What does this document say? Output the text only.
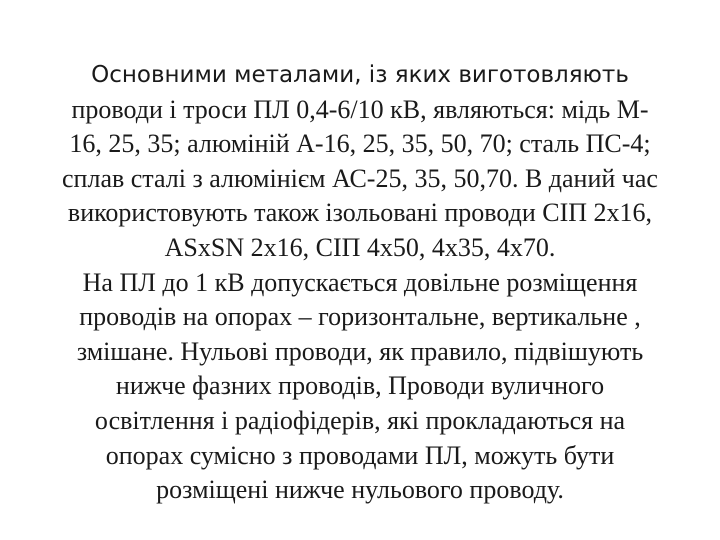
Основними металами, із яких виготовляють
проводи і троси ПЛ 0,4-6/10 кВ, являються: мідь М-
16, 25, 35; алюміній А-16, 25, 35, 50, 70; сталь ПС-4;
сплав сталі з алюмінієм АС-25, 35, 50,70. В даний час
використовують також ізольовані проводи СІП 2х16,
ASxSN 2х16, СІП 4х50, 4х35, 4х70.
На ПЛ до 1 кВ допускається довільне розміщення
проводів на опорах – горизонтальне, вертикальне ,
змішане. Нульові проводи, як правило, підвішують
нижче фазних проводів, Проводи вуличного
освітлення і радіофідерів, які прокладаються на
опорах сумісно з проводами ПЛ, можуть бути
розміщені нижче нульового проводу.
